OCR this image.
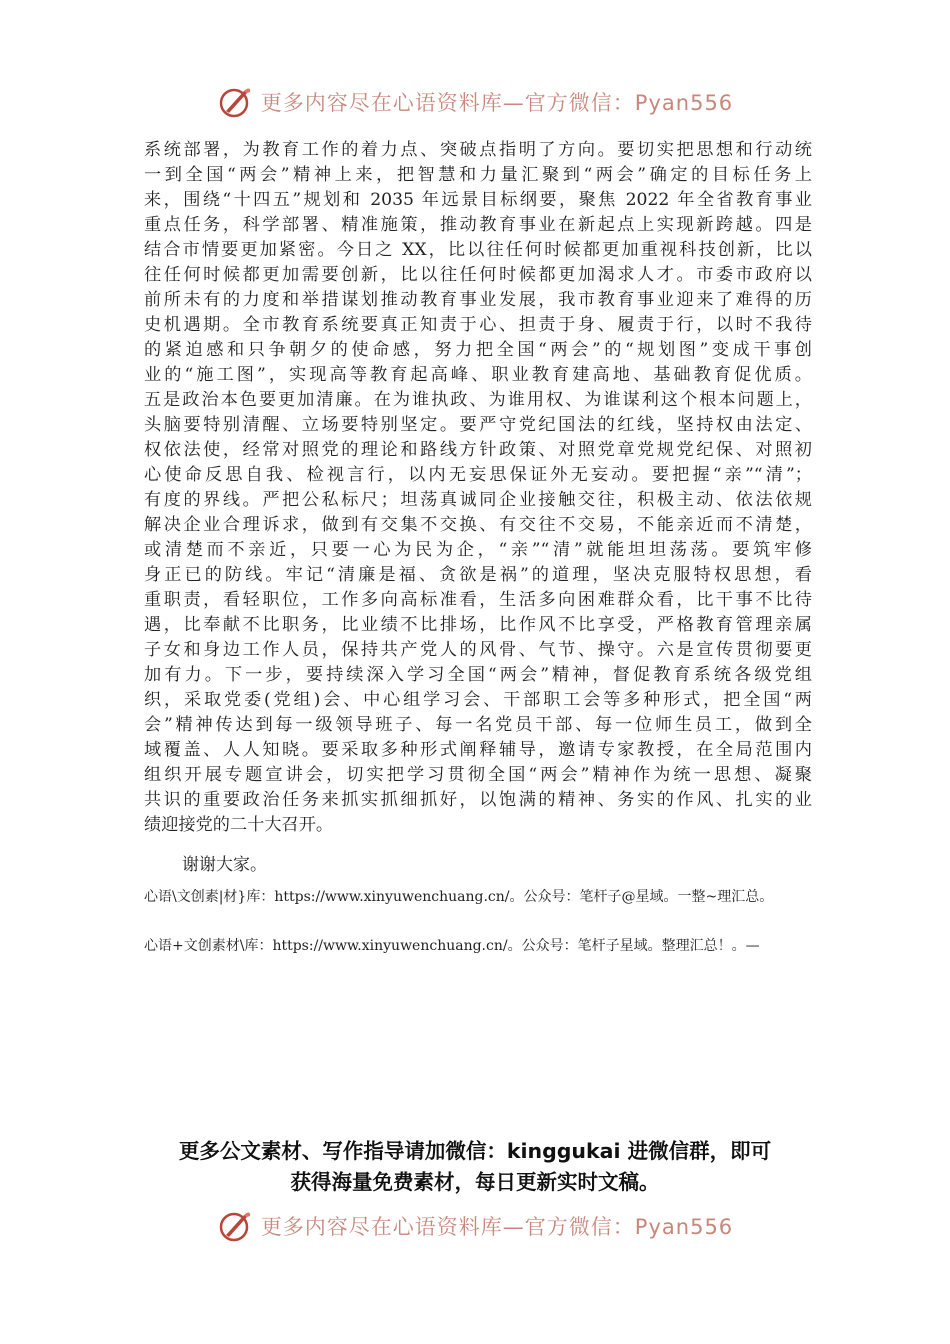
更多内容尽在心语资料库—官方微信：Pyan556
系统部署，为教育工作的着力点、突破点指明了方向。要切实把思想和行动统
一到全国“两会”精神上来，把智慧和力量汇聚到“两会”确定的目标任务上
来，围绕“十四五”规划和 2035 年远景目标纲要，聚焦 2022 年全省教育事业
重点任务，科学部署、精准施策，推动教育事业在新起点上实现新跨越。四是
结合市情要更加紧密。今日之 XX，比以往任何时候都更加重视科技创新，比以
往任何时候都更加需要创新，比以往任何时候都更加渴求人才。市委市政府以
前所未有的力度和举措谋划推动教育事业发展，我市教育事业迎来了难得的历
史机遇期。全市教育系统要真正知责于心、担责于身、履责于行，以时不我待
的紧迫感和只争朝夕的使命感，努力把全国“两会”的“规划图”变成干事创
业的“施工图”，实现高等教育起高峰、职业教育建高地、基础教育促优质。
五是政治本色要更加清廉。在为谁执政、为谁用权、为谁谋利这个根本问题上，
头脑要特别清醒、立场要特别坚定。要严守党纪国法的红线，坚持权由法定、
权依法使，经常对照党的理论和路线方针政策、对照党章党规党纪保、对照初
心使命反思自我、检视言行，以内无妄思保证外无妄动。要把握“亲”“清”；
有度的界线。严把公私标尺；坦荡真诚同企业接触交往，积极主动、依法依规
解决企业合理诉求，做到有交集不交换、有交往不交易，不能亲近而不清楚，
或清楚而不亲近，只要一心为民为企，“亲”“清”就能坦坦荡荡。要筑牢修
身正已的防线。牢记“清廉是福、贪欲是祸”的道理，坚决克服特权思想，看
重职责，看轻职位，工作多向高标准看，生活多向困难群众看，比干事不比待
遇，比奉献不比职务，比业绩不比排场，比作风不比享受，严格教育管理亲属
子女和身边工作人员，保持共产党人的风骨、气节、操守。六是宣传贯彻要更
加有力。下一步，要持续深入学习全国“两会”精神，督促教育系统各级党组
织，采取党委(党组)会、中心组学习会、干部职工会等多种形式，把全国“两
会”精神传达到每一级领导班子、每一名党员干部、每一位师生员工，做到全
域覆盖、人人知晓。要采取多种形式阐释辅导，邀请专家教授，在全局范围内
组织开展专题宣讲会，切实把学习贯彻全国“两会”精神作为统一思想、凝聚
共识的重要政治任务来抓实抓细抓好，以饱满的精神、务实的作风、扎实的业
绩迎接党的二十大召开。

谢谢大家。

心语\文创素|材}库：https://www.xinyuwenchuang.cn/。公众号：笔杆子@星域。一整~理汇总。

心语+文创素材\库：https://www.xinyuwenchuang.cn/。公众号：笔杆子星域。整理汇总！。—

更多公文素材、写作指导请加微信：kinggukai 进微信群，即可
获得海量免费素材，每日更新实时文稿。
更多内容尽在心语资料库—官方微信：Pyan556
